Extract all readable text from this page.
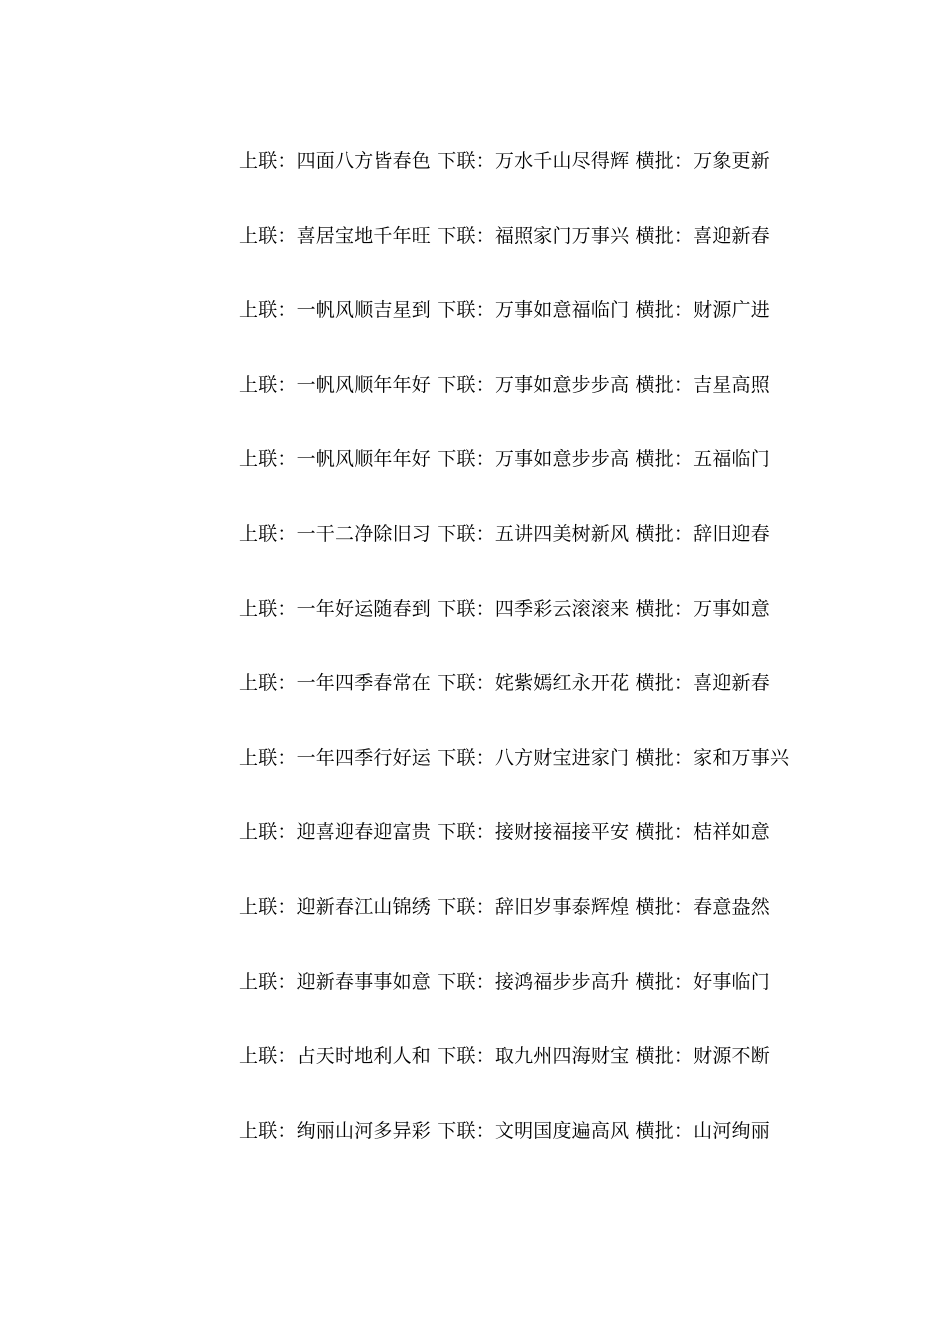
上联：四面八方皆春色 下联：万水千山尽得辉 横批：万象更新
上联：喜居宝地千年旺 下联：福照家门万事兴 横批：喜迎新春
上联：一帆风顺吉星到 下联：万事如意福临门 横批：财源广进
上联：一帆风顺年年好 下联：万事如意步步高 横批：吉星高照
上联：一帆风顺年年好 下联：万事如意步步高 横批：五福临门
上联：一干二净除旧习 下联：五讲四美树新风 横批：辞旧迎春
上联：一年好运随春到 下联：四季彩云滚滚来 横批：万事如意
上联：一年四季春常在 下联：姹紫嫣红永开花 横批：喜迎新春
上联：一年四季行好运 下联：八方财宝进家门 横批：家和万事兴
上联：迎喜迎春迎富贵 下联：接财接福接平安 横批：桔祥如意
上联：迎新春江山锦绣 下联：辞旧岁事泰辉煌 横批：春意盎然
上联：迎新春事事如意 下联：接鸿福步步高升 横批：好事临门
上联：占天时地利人和 下联：取九州四海财宝 横批：财源不断
上联：绚丽山河多异彩 下联：文明国度遍高风 横批：山河绚丽
